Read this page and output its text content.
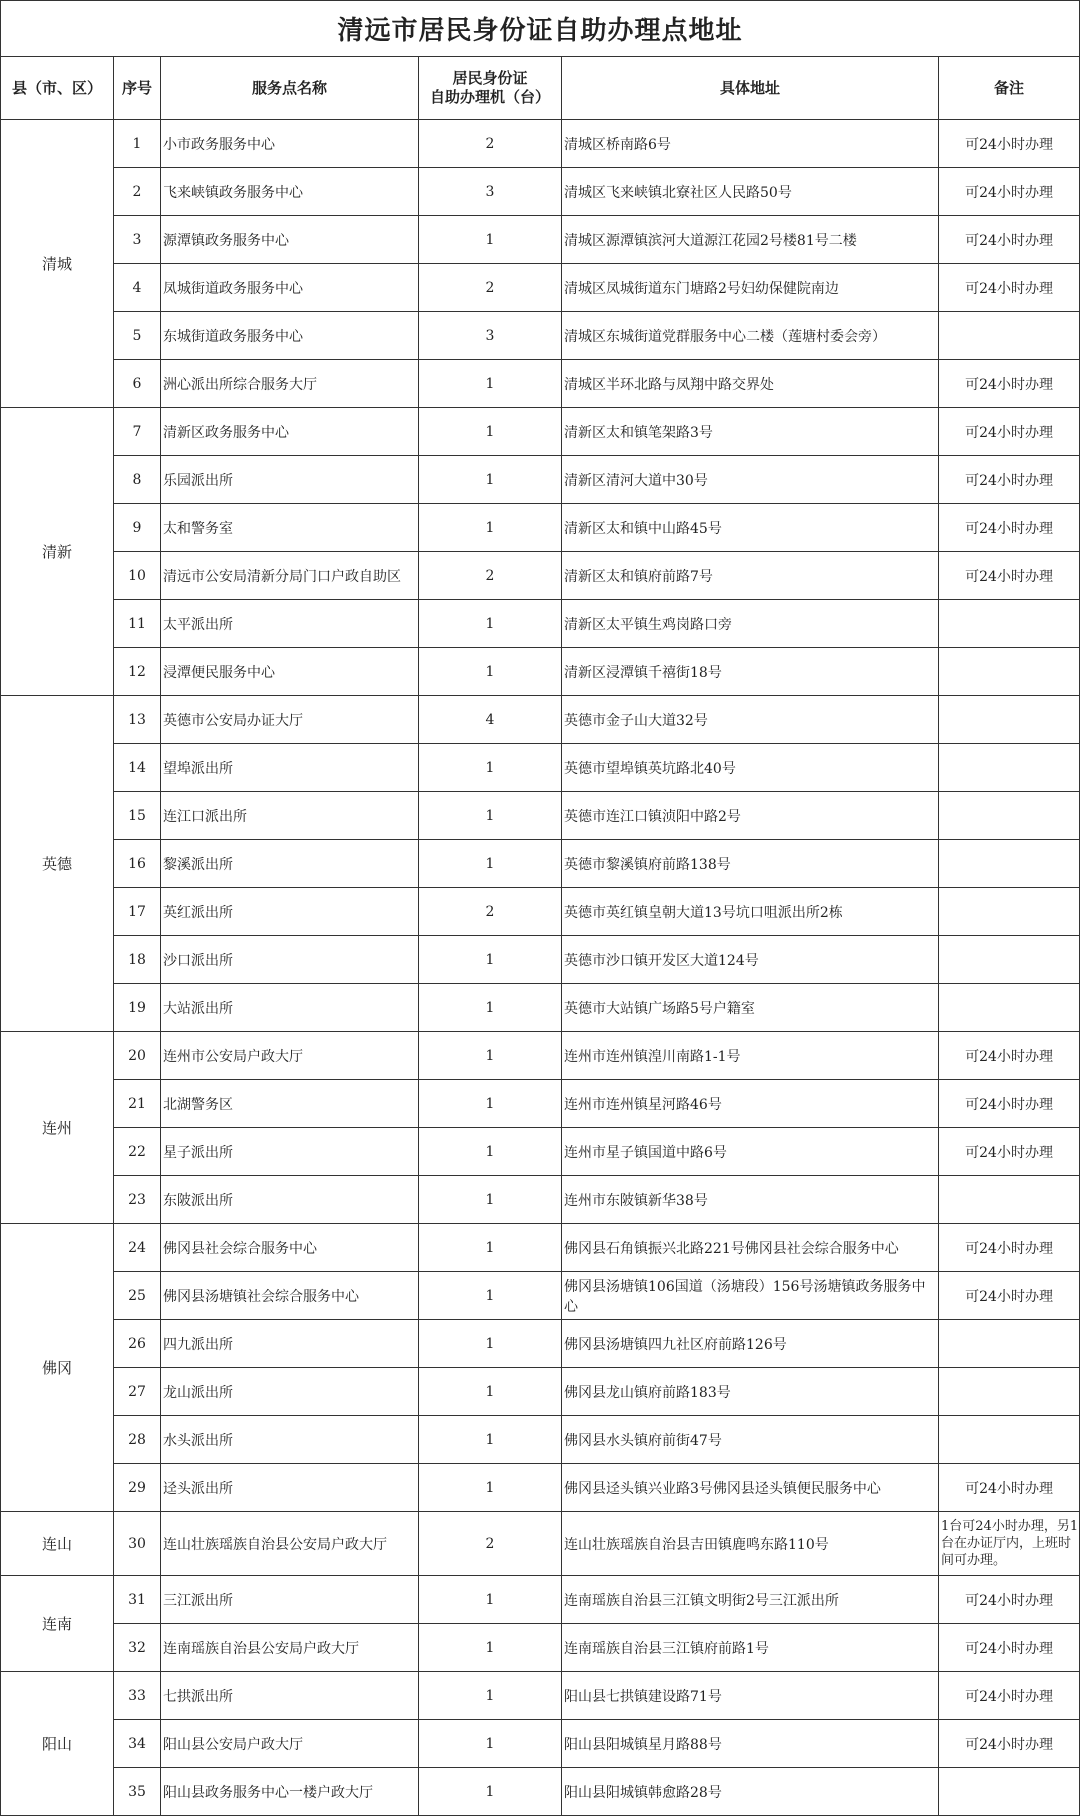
清远市居民身份证自助办理点地址					
县（市、区）	序号	服务点名称	居民身份证
自助办理机（台）	具体地址	备注
清城	1	小市政务服务中心	2	清城区桥南路6号	可24小时办理
	2	飞来峡镇政务服务中心	3	清城区飞来峡镇北寮社区人民路50号	可24小时办理
	3	源潭镇政务服务中心	1	清城区源潭镇滨河大道源江花园2号楼81号二楼	可24小时办理
	4	凤城街道政务服务中心	2	清城区凤城街道东门塘路2号妇幼保健院南边	可24小时办理
	5	东城街道政务服务中心	3	清城区东城街道党群服务中心二楼（莲塘村委会旁）	
	6	洲心派出所综合服务大厅	1	清城区半环北路与凤翔中路交界处	可24小时办理
清新	7	清新区政务服务中心	1	清新区太和镇笔架路3号	可24小时办理
	8	乐园派出所	1	清新区清河大道中30号	可24小时办理
	9	太和警务室	1	清新区太和镇中山路45号	可24小时办理
	10	清远市公安局清新分局门口户政自助区	2	清新区太和镇府前路7号	可24小时办理
	11	太平派出所	1	清新区太平镇生鸡岗路口旁	
	12	浸潭便民服务中心	1	清新区浸潭镇千禧街18号	
英德	13	英德市公安局办证大厅	4	英德市金子山大道32号	
	14	望埠派出所	1	英德市望埠镇英坑路北40号	
	15	连江口派出所	1	英德市连江口镇浈阳中路2号	
	16	黎溪派出所	1	英德市黎溪镇府前路138号	
	17	英红派出所	2	英德市英红镇皇朝大道13号坑口咀派出所2栋	
	18	沙口派出所	1	英德市沙口镇开发区大道124号	
	19	大站派出所	1	英德市大站镇广场路5号户籍室	
连州	20	连州市公安局户政大厅	1	连州市连州镇湟川南路1-1号	可24小时办理
	21	北湖警务区	1	连州市连州镇星河路46号	可24小时办理
	22	星子派出所	1	连州市星子镇国道中路6号	可24小时办理
	23	东陂派出所	1	连州市东陂镇新华38号	
佛冈	24	佛冈县社会综合服务中心	1	佛冈县石角镇振兴北路221号佛冈县社会综合服务中心	可24小时办理
	25	佛冈县汤塘镇社会综合服务中心	1	佛冈县汤塘镇106国道（汤塘段）156号汤塘镇政务服务中心	可24小时办理
	26	四九派出所	1	佛冈县汤塘镇四九社区府前路126号	
	27	龙山派出所	1	佛冈县龙山镇府前路183号	
	28	水头派出所	1	佛冈县水头镇府前街47号	
	29	迳头派出所	1	佛冈县迳头镇兴业路3号佛冈县迳头镇便民服务中心	可24小时办理
连山	30	连山壮族瑶族自治县公安局户政大厅	2	连山壮族瑶族自治县吉田镇鹿鸣东路110号	1台可24小时办理，另1台在办证厅内，上班时间可办理。
连南	31	三江派出所	1	连南瑶族自治县三江镇文明街2号三江派出所	可24小时办理
	32	连南瑶族自治县公安局户政大厅	1	连南瑶族自治县三江镇府前路1号	可24小时办理
阳山	33	七拱派出所	1	阳山县七拱镇建设路71号	可24小时办理
	34	阳山县公安局户政大厅	1	阳山县阳城镇星月路88号	可24小时办理
	35	阳山县政务服务中心一楼户政大厅	1	阳山县阳城镇韩愈路28号	
